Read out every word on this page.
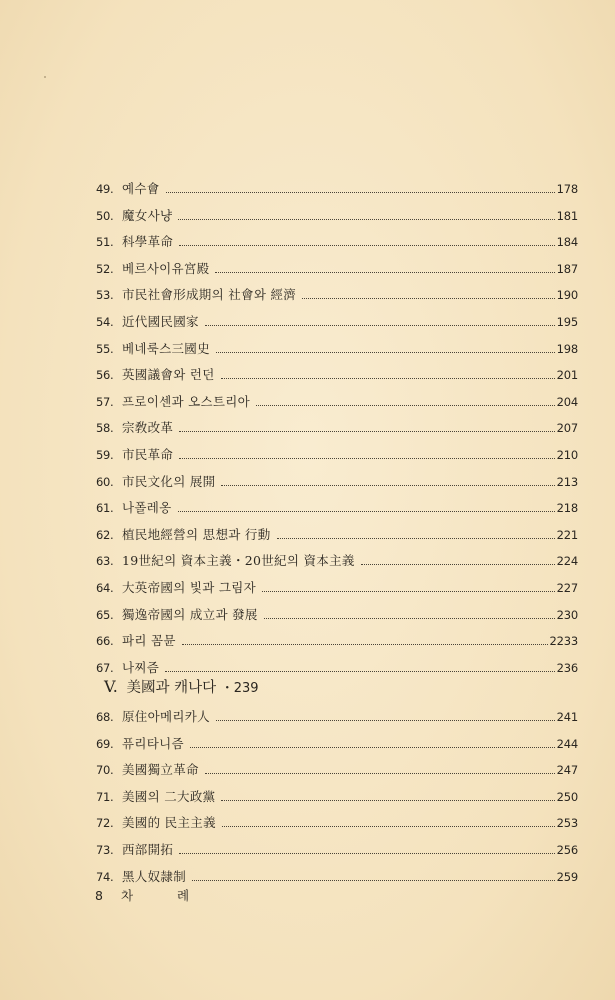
49. 예수會	178
50. 魔女사냥	181
51. 科學革命	184
52. 베르사이유宮殿	187
53. 市民社會形成期의 社會와 經濟	190
54. 近代國民國家	195
55. 베네룩스三國史	198
56. 英國議會와 런던	201
57. 프로이센과 오스트리아	204
58. 宗敎改革	207
59. 市民革命	210
60. 市民文化의 展開	213
61. 나폴레옹	218
62. 植民地經營의 思想과 行動	221
63. 19世紀의 資本主義・20世紀의 資本主義	224
64. 大英帝國의 빛과 그림자	227
65. 獨逸帝國의 成立과 發展	230
66. 파리 꼼뮨	2233
67. 나찌즘	236
V. 美國과 캐나다 ・239
68. 原住아메리카人	241
69. 퓨리타니즘	244
70. 美國獨立革命	247
71. 美國의 二大政黨	250
72. 美國的 民主主義	253
73. 西部開拓	256
74. 黑人奴隷制	259
8 차 례
